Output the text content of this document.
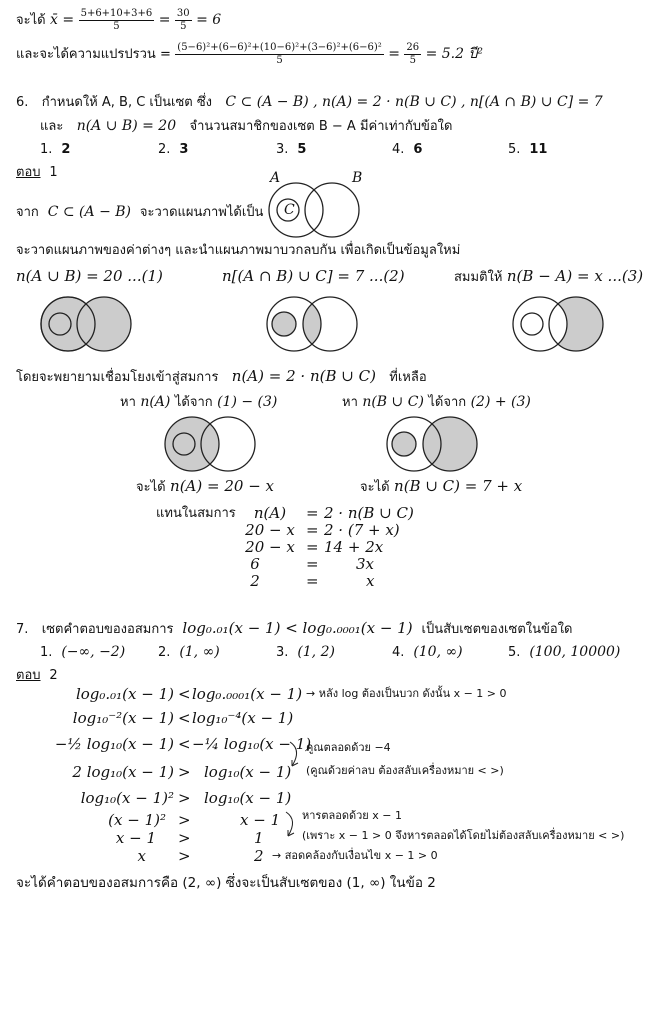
จะได้ x̄ = $\frac{5+6+10+3+6}{5} = \frac{30}{5} = 6$
และจะได้ความแปรปรวน = $\frac{\text{(5−6)²+(6−6)²+(10−6)²+(3−6)²+(6−6)²}}{5} = \frac{26}{5} = 5.2$ ปี²
6. กำหนดให้ A, B, C เป็นเซต ซึ่ง C ⊂ (A − B) , n(A) = 2 · n(B ∪ C) , n[(A ∩ B) ∪ C] = 7
และ n(A ∪ B) = 20 จำนวนสมาชิกของเซต B − A มีค่าเท่ากับข้อใด
1. 2	2. 3	3. 5	4. 6	5. 11
ตอบ 1	A	B
C
จาก C ⊂ (A − B) จะวาดแผนภาพได้เป็น
จะวาดแผนภาพของค่าต่างๆ และนำแผนภาพมาบวกลบกัน เพื่อเกิดเป็นข้อมูลใหม่
n(A ∪ B) = 20 ...(1)	n[(A ∩ B) ∪ C] = 7 ...(2)	สมมติให้ n(B − A) = x ...(3)
โดยจะพยายามเชื่อมโยงเข้าสู่สมการ n(A) = 2 · n(B ∪ C) ที่เหลือ
หา n(A) ได้จาก (1) − (3)	หา n(B ∪ C) ได้จาก (2) + (3)
จะได้ n(A) = 20 − x	จะได้ n(B ∪ C) = 7 + x
แทนในสมการ	n(A)	= 2 · n(B ∪ C)
20 − x = 2 · (7 + x)
20 − x = 14 + 2x
6	= 3x
2	=	x
7. เซตคำตอบของอสมการ log₀.₀₁(x − 1) < log₀.₀₀₀₁(x − 1) เป็นสับเซตของเซตในข้อใด
1. (−∞, −2)	2. (1, ∞)	3. (1, 2)	4. (10, ∞)	5. (100, 10000)
ตอบ 2
log₀.₀₁(x − 1) < log₀.₀₀₀₁(x − 1)
log₁₀⁻²(x − 1) < log₁₀⁻⁴(x − 1)
−½ log₁₀(x − 1) < −¼ log₁₀(x − 1)
2 log₁₀(x − 1) > log₁₀(x − 1)
log₁₀(x − 1)² > log₁₀(x − 1)
(x − 1)² >	x − 1
x − 1 >	1
x >	2
→ หลัง log ต้องเป็นบวก ดังนั้น x − 1 > 0
คูณตลอดด้วย −4
(คูณด้วยค่าลบ ต้องสลับเครื่องหมาย < >)
หารตลอดด้วย x − 1
(เพราะ x − 1 > 0 จึงหารตลอดได้โดยไม่ต้องสลับเครื่องหมาย < >)
→ สอดคล้องกับเงื่อนไข x − 1 > 0
จะได้คำตอบของอสมการคือ (2, ∞) ซึ่งจะเป็นสับเซตของ (1, ∞) ในข้อ 2
